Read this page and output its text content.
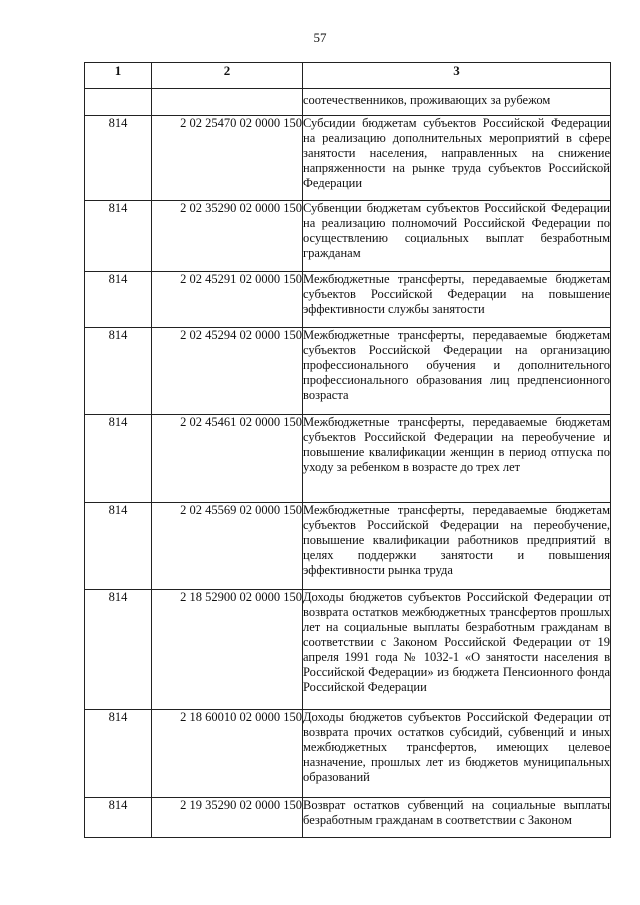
57
1	2	3
		соотечественников, проживающих за рубежом
814	2 02 25470 02 0000 150	Субсидии бюджетам субъектов Российской Федерации на реализацию дополнительных мероприятий в сфере занятости населения, направленных на снижение напряженности на рынке труда субъектов Российской Федерации
814	2 02 35290 02 0000 150	Субвенции бюджетам субъектов Российской Федерации на реализацию полномочий Российской Федерации по осуществлению социальных выплат безработным гражданам
814	2 02 45291 02 0000 150	Межбюджетные трансферты, передаваемые бюджетам субъектов Российской Федерации на повышение эффективности службы занятости
814	2 02 45294 02 0000 150	Межбюджетные трансферты, передаваемые бюджетам субъектов Российской Федерации на организацию профессионального обучения и дополнительного профессионального образования лиц предпенсионного возраста
814	2 02 45461 02 0000 150	Межбюджетные трансферты, передаваемые бюджетам субъектов Российской Федерации на переобучение и повышение квалификации женщин в период отпуска по уходу за ребенком в возрасте до трех лет
814	2 02 45569 02 0000 150	Межбюджетные трансферты, передаваемые бюджетам субъектов Российской Федерации на переобучение, повышение квалификации работников предприятий в целях поддержки занятости и повышения эффективности рынка труда
814	2 18 52900 02 0000 150	Доходы бюджетов субъектов Российской Федерации от возврата остатков межбюджетных трансфертов прошлых лет на социальные выплаты безработным гражданам в соответствии с Законом Российской Федерации от 19 апреля 1991 года № 1032-1 «О занятости населения в Российской Федерации» из бюджета Пенсионного фонда Российской Федерации
814	2 18 60010 02 0000 150	Доходы бюджетов субъектов Российской Федерации от возврата прочих остатков субсидий, субвенций и иных межбюджетных трансфертов, имеющих целевое назначение, прошлых лет из бюджетов муниципальных образований
814	2 19 35290 02 0000 150	Возврат остатков субвенций на социальные выплаты безработным гражданам в соответствии с Законом
